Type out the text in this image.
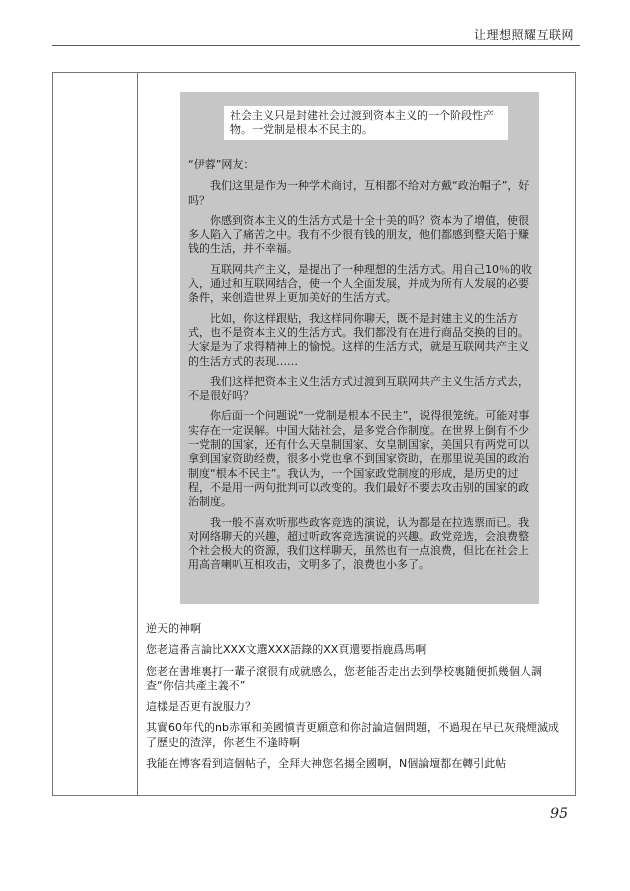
让理想照耀互联网
社会主义只是封建社会过渡到资本主义的一个阶段性产物。一党制是根本不民主的。

“伊蓉”网友：

我们这里是作为一种学术商讨，互相都不给对方戴“政治帽子”，好吗？

你感到资本主义的生活方式是十全十美的吗？资本为了增值，使很多人陷入了痛苦之中。我有不少很有钱的朋友，他们都感到整天陷于赚钱的生活，并不幸福。

互联网共产主义，是提出了一种理想的生活方式。用自己10％的收入，通过和互联网结合，使一个人全面发展，并成为所有人发展的必要条件，来创造世界上更加美好的生活方式。

比如，你这样跟贴，我这样同你聊天，既不是封建主义的生活方式，也不是资本主义的生活方式。我们都没有在进行商品交换的目的。大家是为了求得精神上的愉悦。这样的生活方式，就是互联网共产主义的生活方式的表现……

我们这样把资本主义生活方式过渡到互联网共产主义生活方式去，不是很好吗？

你后面一个问题说“一党制是根本不民主”，说得很笼统。可能对事实存在一定误解。中国大陆社会，是多党合作制度。在世界上倒有不少一党制的国家，还有什么天皇制国家、女皇制国家，美国只有两党可以拿到国家资助经费，很多小党也拿不到国家资助，在那里说美国的政治制度“根本不民主”。我认为，一个国家政党制度的形成，是历史的过程，不是用一两句批判可以改变的。我们最好不要去攻击别的国家的政治制度。

我一般不喜欢听那些政客竞选的演说，认为都是在拉选票而已。我对网络聊天的兴趣，超过听政客竞选演说的兴趣。政党竞选，会浪费整个社会极大的资源，我们这样聊天，虽然也有一点浪费，但比在社会上用高音喇叭互相攻击，文明多了，浪费也小多了。

逆天的神啊

您老這番言論比XXX文選XXX語錄的XX頁還要指鹿爲馬啊

您老在書堆裏打一輩子滾很有成就感么，您老能否走出去到學校裏隨便抓幾個人調查“你信共產主義不”

這樣是否更有說服力？

其實60年代的nb赤軍和美國憤青更願意和你討論這個問題，不過現在早已灰飛煙滅成了歷史的渣滓，你老生不逢時啊

我能在博客看到這個帖子，全拜大神您名揚全國啊，N個論壇都在轉引此帖

95
